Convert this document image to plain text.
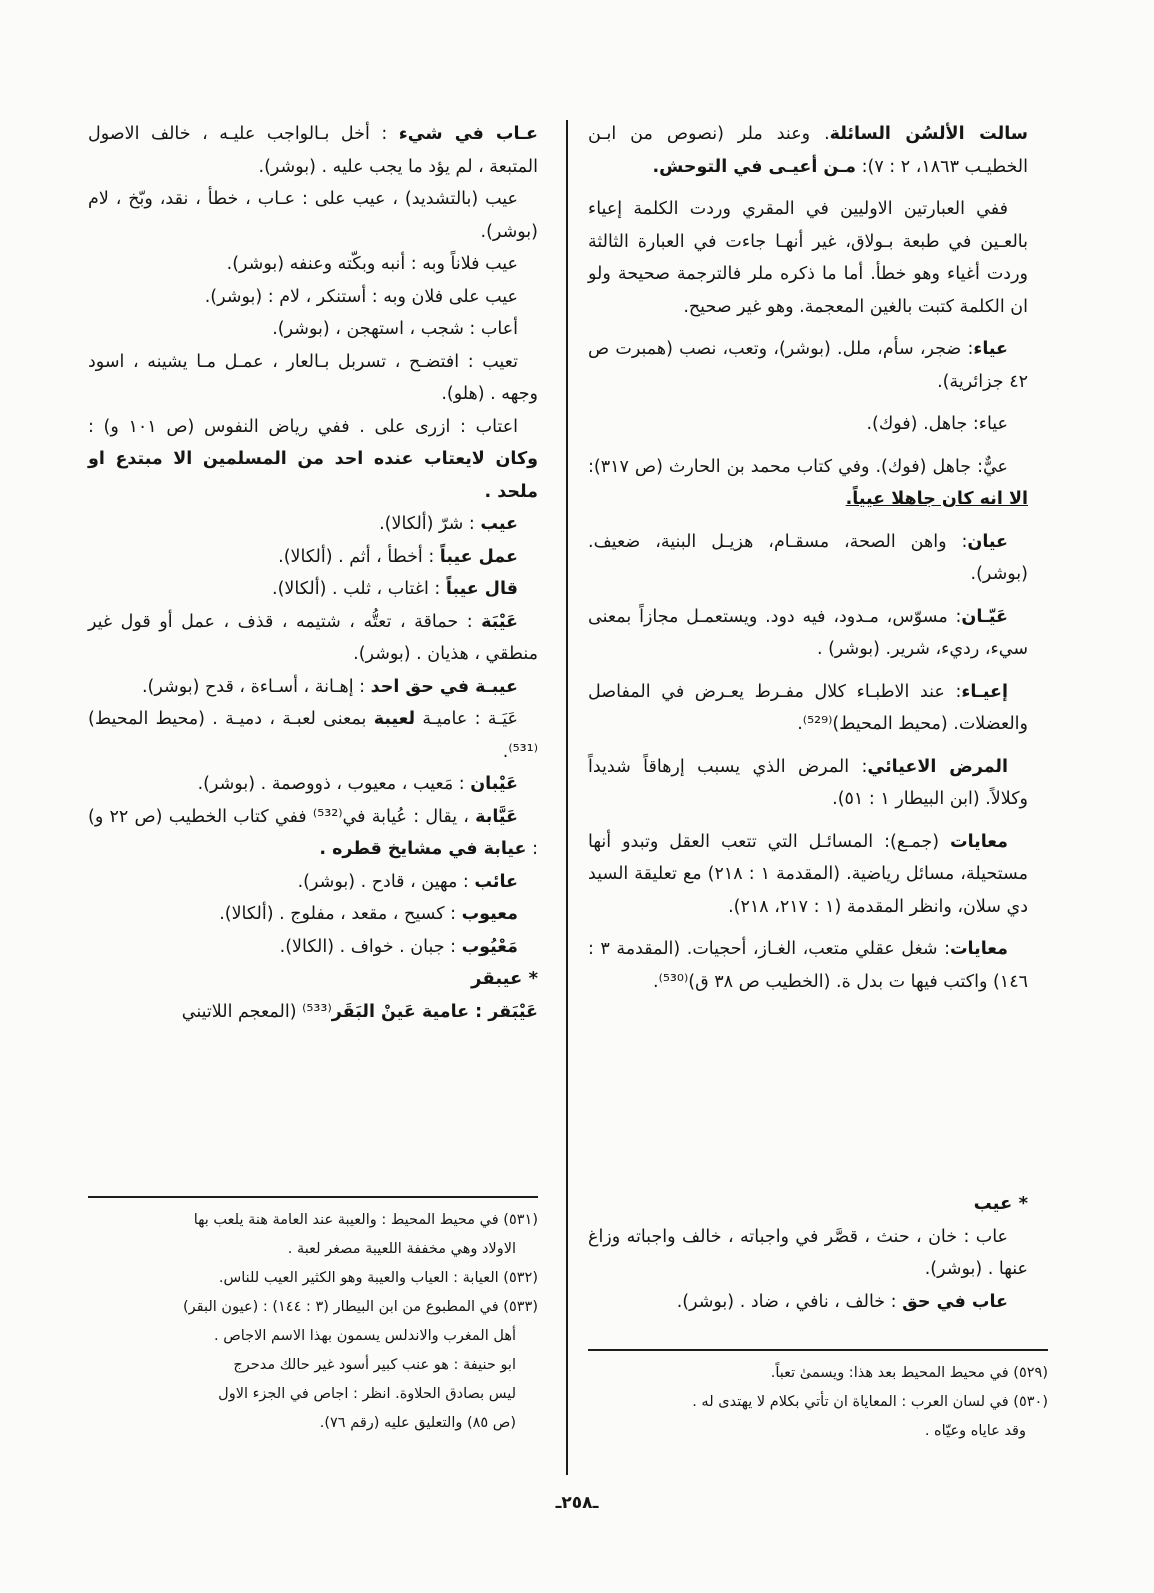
سالت الألسُن السائلة. وعند ملر (نصوص من ابـن الخطيـب ١٨٦٣، ٢ : ٧): مـن أعيـى في التوحش.

ففي العبارتين الاوليين في المقري وردت الكلمة إعياء بالعـين في طبعة بـولاق، غير أنهـا جاءت في العبارة الثالثة وردت أغياء وهو خطأ. أما ما ذكره ملر فالترجمة صحيحة ولو ان الكلمة كتبت بالغين المعجمة. وهو غير صحيح.

عياء: ضجر، سأم، ملل. (بوشر)، وتعب، نصب (همبرت ص ٤٢ جزائرية).

عياء: جاهل. (فوك).

عيٌّ: جاهل (فوك). وفي كتاب محمد بن الحارث (ص ٣١٧): الا انه كان جاهلا عيياً.

عيان: واهن الصحة، مسقـام، هزيـل البنية، ضعيف. (بوشر).

عَيّـان: مسوّس، مـدود، فيه دود. ويستعمـل مجازاً بمعنى سيء، رديء، شرير. (بوشر) .

إعيـاء: عند الاطبـاء كلال مفـرط يعـرض في المفاصل والعضلات. (محيط المحيط)⁽⁵²⁹⁾.

المرض الاعيائي: المرض الذي يسبب إرهاقاً شديداً وكلالاً. (ابن البيطار ١ : ٥١).

معايات (جمـع): المسائـل التي تتعب العقل وتبدو أنها مستحيلة، مسائل رياضية. (المقدمة ١ : ٢١٨) مع تعليقة السيد دي سلان، وانظر المقدمة (١ : ٢١٧، ٢١٨).

معايات: شغل عقلي متعب، الغـاز، أحجيات. (المقدمة ٣ : ١٤٦) واكتب فيها ت بدل ة. (الخطيب ص ٣٨ ق)⁽⁵³⁰⁾.

* عيب

عاب : خان ، حنث ، قصَّر في واجباته ، خالف واجباته وزاغ عنها . (بوشر).

عاب في حق : خالف ، نافي ، ضاد . (بوشر).

(٥٢٩) في محيط المحيط بعد هذا: ويسمىٰ تعباً.

(٥٣٠) في لسان العرب : المعاياة ان تأتي بكلام لا يهتدى له .

وقد عاياه وعيّاه .

عـاب في شيء : أخل بـالواجب عليـه ، خالف الاصول المتبعة ، لم يؤد ما يجب عليه . (بوشر).

عيب (بالتشديد) ، عيب على : عـاب ، خطأ ، نقد، وبّخ ، لام (بوشر).

عيب فلاناً وبه : أنبه وبكّته وعنفه (بوشر).

عيب على فلان وبه : أستنكر ، لام : (بوشر).

أعاب : شجب ، استهجن ، (بوشر).

تعيب : افتضـح ، تسربل بـالعار ، عمـل مـا يشينه ، اسود وجهه . (هلو).

اعتاب : ازرى على . ففي رياض النفوس (ص ١٠١ و) : وكان لايعتاب عنده احد من المسلمين الا مبتدع او ملحد .

عيب : شرّ (ألكالا).

عمل عيباً : أخطأ ، أثم . (ألكالا).

قال عيباً : اغتاب ، ثلب . (ألكالا).

عَيْبَة : حماقة ، تعتُّه ، شتيمه ، قذف ، عمل أو قول غير منطقي ، هذيان . (بوشر).

عيبـة في حق احد : إهـانة ، أسـاءة ، قدح (بوشر).

عَيَـة : عاميـة لعيبة بمعنى لعبـة ، دميـة . (محيط المحيط)⁽⁵³¹⁾.

عَيْبان : مَعيب ، معيوب ، ذووصمة . (بوشر).

عَيَّابة ، يقال : عُيابة في⁽⁵³²⁾ ففي كتاب الخطيب (ص ٢٢ و) : عيابة في مشايخ قطره .

عائب : مهين ، قادح . (بوشر).

معيوب : كسيح ، مقعد ، مفلوج . (ألكالا).

مَعْيُوب : جبان . خواف . (الكالا).

* عيبقر

عَيْبَقر : عامية عَينْ البَقَر⁽⁵³³⁾ (المعجم اللاتيني

(٥٣١) في محيط المحيط : والعيبة عند العامة هنة يلعب بها

الاولاد وهي مخففة اللعيبة مصغر لعبة .

(٥٣٢) العيابة : العياب والعيبة وهو الكثير العيب للناس.

(٥٣٣) في المطبوع من ابن البيطار (٣ : ١٤٤) : (عيون البقر)

أهل المغرب والاندلس يسمون بهذا الاسم الاجاص .

ابو حنيفة : هو عنب كبير أسود غير حالك مدحرج

ليس بصادق الحلاوة. انظر : اجاص في الجزء الاول

(ص ٨٥) والتعليق عليه (رقم ٧٦).

ـ٢٥٨ـ
